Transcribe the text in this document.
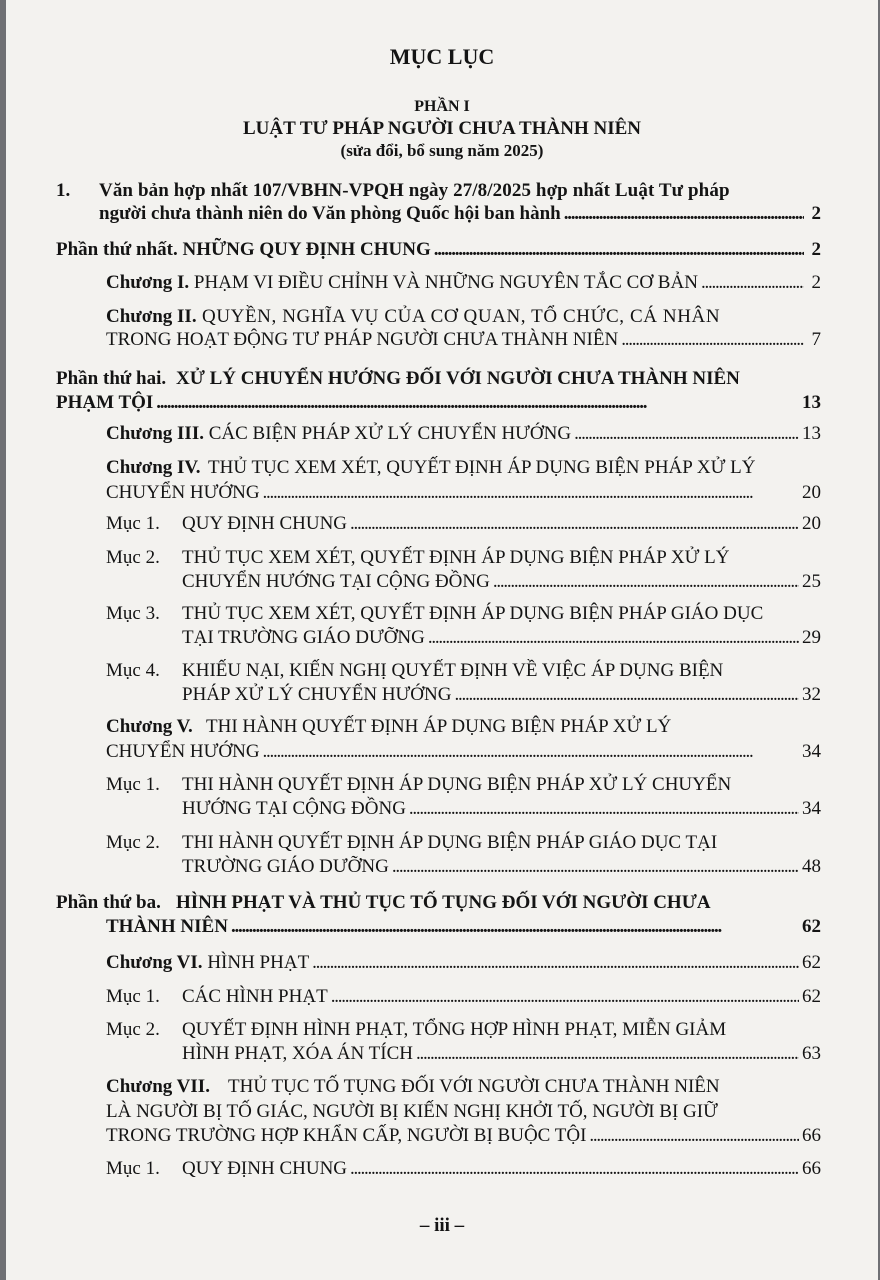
MỤC LỤC
PHẦN I
LUẬT TƯ PHÁP NGƯỜI CHƯA THÀNH NIÊN
(sửa đổi, bổ sung năm 2025)
1. Văn bản hợp nhất 107/VBHN-VPQH ngày 27/8/2025 hợp nhất Luật Tư pháp
người chưa thành niên do Văn phòng Quốc hội ban hành . . .	2
Phần thứ nhất.
NHỮNG QUY ĐỊNH CHUNG . . .	2
Chương I.
PHẠM VI ĐIỀU CHỈNH VÀ NHỮNG NGUYÊN TẮC CƠ BẢN . . .	2
Chương II. QUYỀN, NGHĨA VỤ CỦA CƠ QUAN, TỔ CHỨC, CÁ NHÂN
TRONG HOẠT ĐỘNG TƯ PHÁP NGƯỜI CHƯA THÀNH NIÊN . . .	7
Phần thứ hai. XỬ LÝ CHUYỂN HƯỚNG ĐỐI VỚI NGƯỜI CHƯA THÀNH NIÊN
PHẠM TỘI . . .	13
Chương III.
CÁC BIỆN PHÁP XỬ LÝ CHUYỂN HƯỚNG . . .	13
Chương IV. THỦ TỤC XEM XÉT, QUYẾT ĐỊNH ÁP DỤNG BIỆN PHÁP XỬ LÝ
CHUYỂN HƯỚNG . . .	20
Mục 1. QUY ĐỊNH CHUNG . . .	20
Mục 2. THỦ TỤC XEM XÉT, QUYẾT ĐỊNH ÁP DỤNG BIỆN PHÁP XỬ LÝ
CHUYỂN HƯỚNG TẠI CỘNG ĐỒNG . . .	25
Mục 3. THỦ TỤC XEM XÉT, QUYẾT ĐỊNH ÁP DỤNG BIỆN PHÁP GIÁO DỤC
TẠI TRƯỜNG GIÁO DƯỠNG . . .	29
Mục 4. KHIẾU NẠI, KIẾN NGHỊ QUYẾT ĐỊNH VỀ VIỆC ÁP DỤNG BIỆN
PHÁP XỬ LÝ CHUYỂN HƯỚNG . . .	32
Chương V. THI HÀNH QUYẾT ĐỊNH ÁP DỤNG BIỆN PHÁP XỬ LÝ
CHUYỂN HƯỚNG . . .	34
Mục 1. THI HÀNH QUYẾT ĐỊNH ÁP DỤNG BIỆN PHÁP XỬ LÝ CHUYỂN
HƯỚNG TẠI CỘNG ĐỒNG . . .	34
Mục 2. THI HÀNH QUYẾT ĐỊNH ÁP DỤNG BIỆN PHÁP GIÁO DỤC TẠI
TRƯỜNG GIÁO DƯỠNG . . .	48
Phần thứ ba. HÌNH PHẠT VÀ THỦ TỤC TỐ TỤNG ĐỐI VỚI NGƯỜI CHƯA
THÀNH NIÊN . . .	62
Chương VI.
HÌNH PHẠT . . .	62
Mục 1. CÁC HÌNH PHẠT . . .	62
Mục 2. QUYẾT ĐỊNH HÌNH PHẠT, TỔNG HỢP HÌNH PHẠT, MIỄN GIẢM
HÌNH PHẠT, XÓA ÁN TÍCH . . .	63
Chương VII. THỦ TỤC TỐ TỤNG ĐỐI VỚI NGƯỜI CHƯA THÀNH NIÊN
LÀ NGƯỜI BỊ TỐ GIÁC, NGƯỜI BỊ KIẾN NGHỊ KHỞI TỐ, NGƯỜI BỊ GIỮ
TRONG TRƯỜNG HỢP KHẨN CẤP, NGƯỜI BỊ BUỘC TỘI . . .	66
Mục 1. QUY ĐỊNH CHUNG . . .	66
– iii –
